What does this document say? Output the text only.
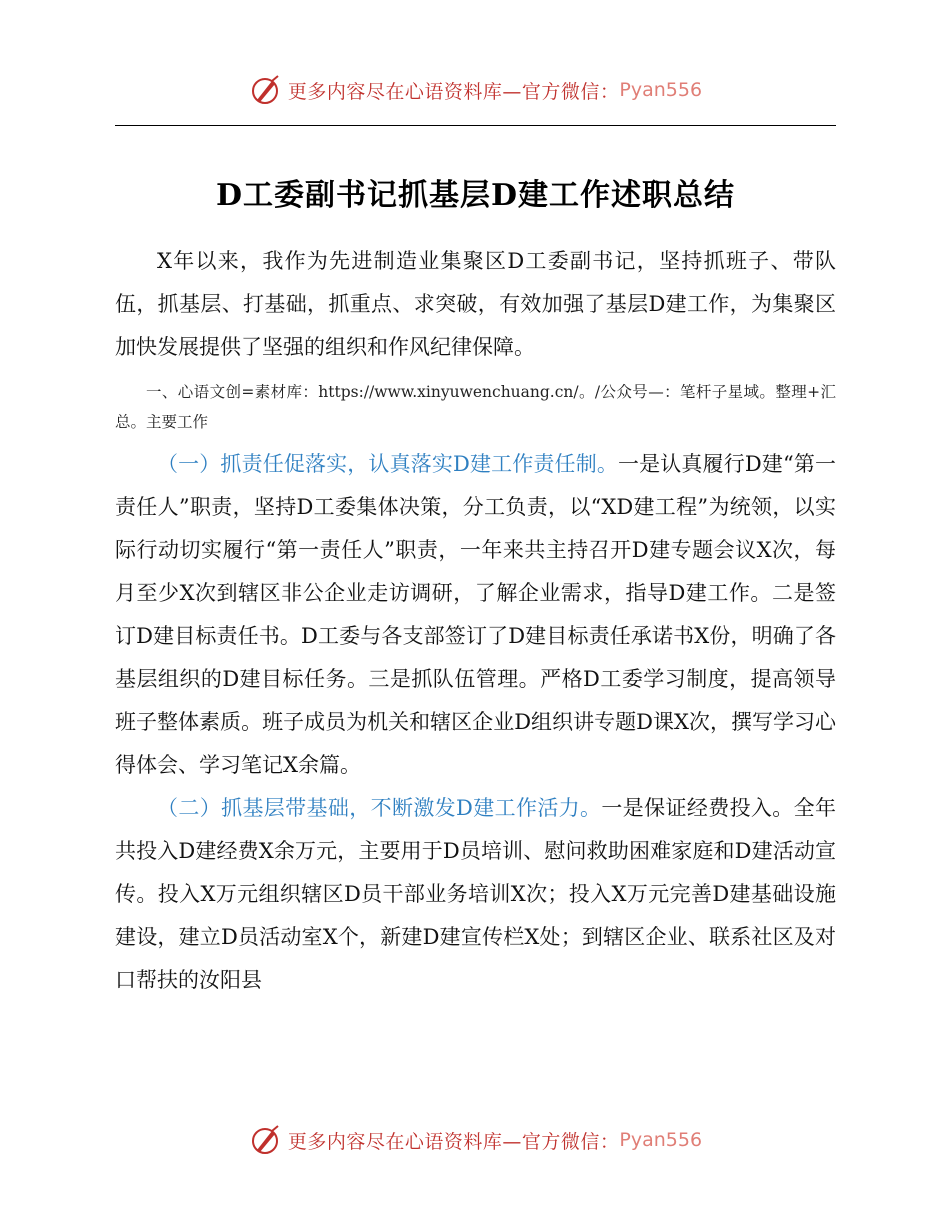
更多内容尽在心语资料库—官方微信： Pyan556
D工委副书记抓基层D建工作述职总结

X年以来，我作为先进制造业集聚区D工委副书记，坚持抓班子、带队伍，抓基层、打基础，抓重点、求突破，有效加强了基层D建工作，为集聚区加快发展提供了坚强的组织和作风纪律保障。

一、心语文创=素材库：https://www.xinyuwenchuang.cn/。/公众号—：笔杆子星域。整理+汇总。主要工作

（一）抓责任促落实，认真落实D建工作责任制。一是认真履行D建“第一责任人”职责，坚持D工委集体决策，分工负责，以“XD建工程”为统领，以实际行动切实履行“第一责任人”职责，一年来共主持召开D建专题会议X次，每月至少X次到辖区非公企业走访调研，了解企业需求，指导D建工作。二是签订D建目标责任书。D工委与各支部签订了D建目标责任承诺书X份，明确了各基层组织的D建目标任务。三是抓队伍管理。严格D工委学习制度，提高领导班子整体素质。班子成员为机关和辖区企业D组织讲专题D课X次，撰写学习心得体会、学习笔记X余篇。

（二）抓基层带基础，不断激发D建工作活力。一是保证经费投入。全年共投入D建经费X余万元，主要用于D员培训、慰问救助困难家庭和D建活动宣传。投入X万元组织辖区D员干部业务培训X次；投入X万元完善D建基础设施建设，建立D员活动室X个，新建D建宣传栏X处；到辖区企业、联系社区及对口帮扶的汝阳县

更多内容尽在心语资料库—官方微信： Pyan556
